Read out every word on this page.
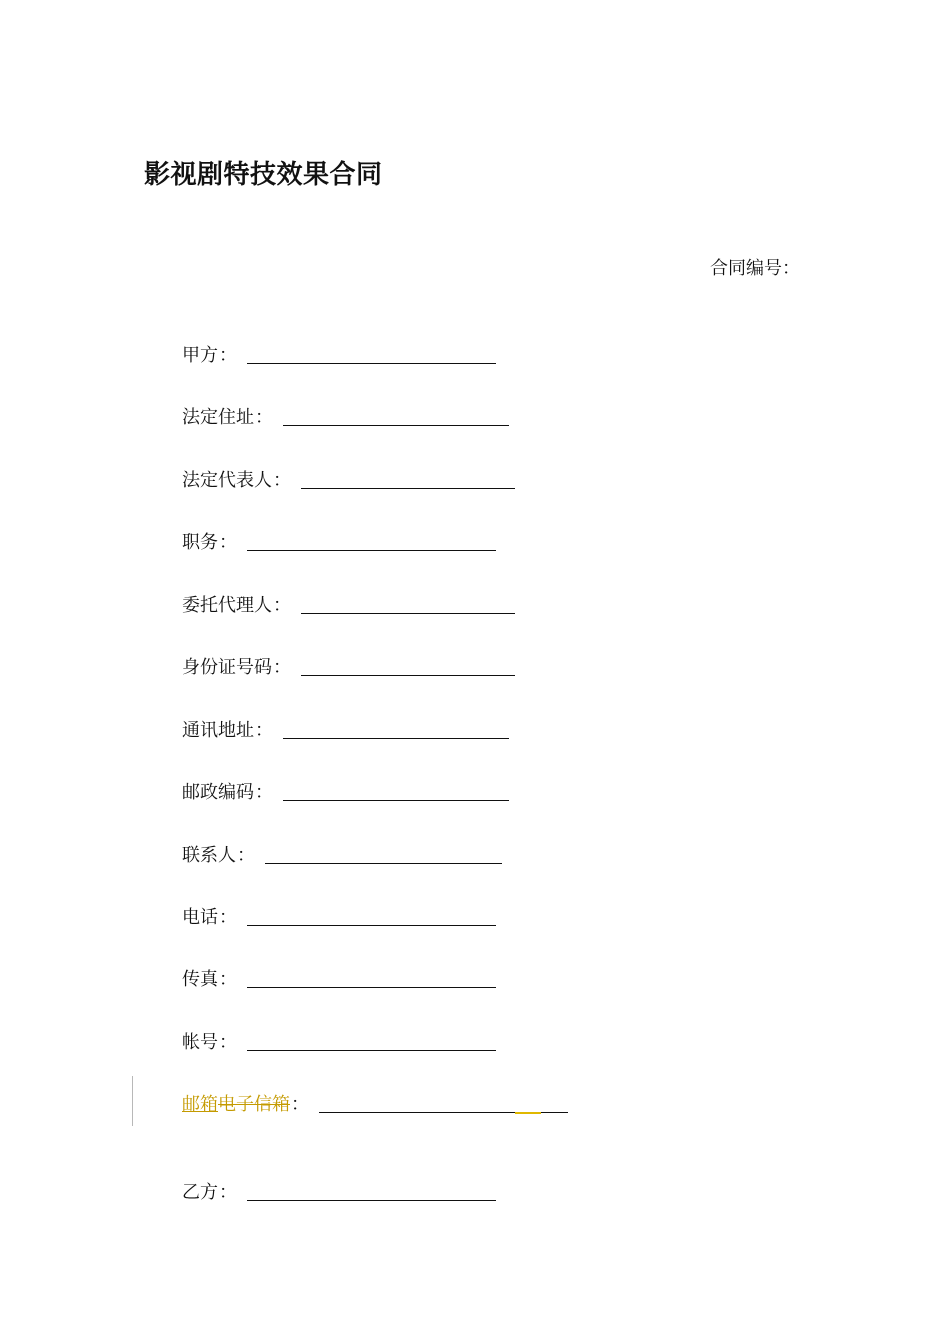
影视剧特技效果合同
合同编号：
甲方 ：
法定住址 ：
法定代表人 ：
职务 ：
委托代理人 ：
身份证号码 ：
通讯地址 ：
邮政编码 ：
联系人 ：
电话 ：
传真 ：
帐号 ：
邮箱电子信箱 ：
乙方 ：
